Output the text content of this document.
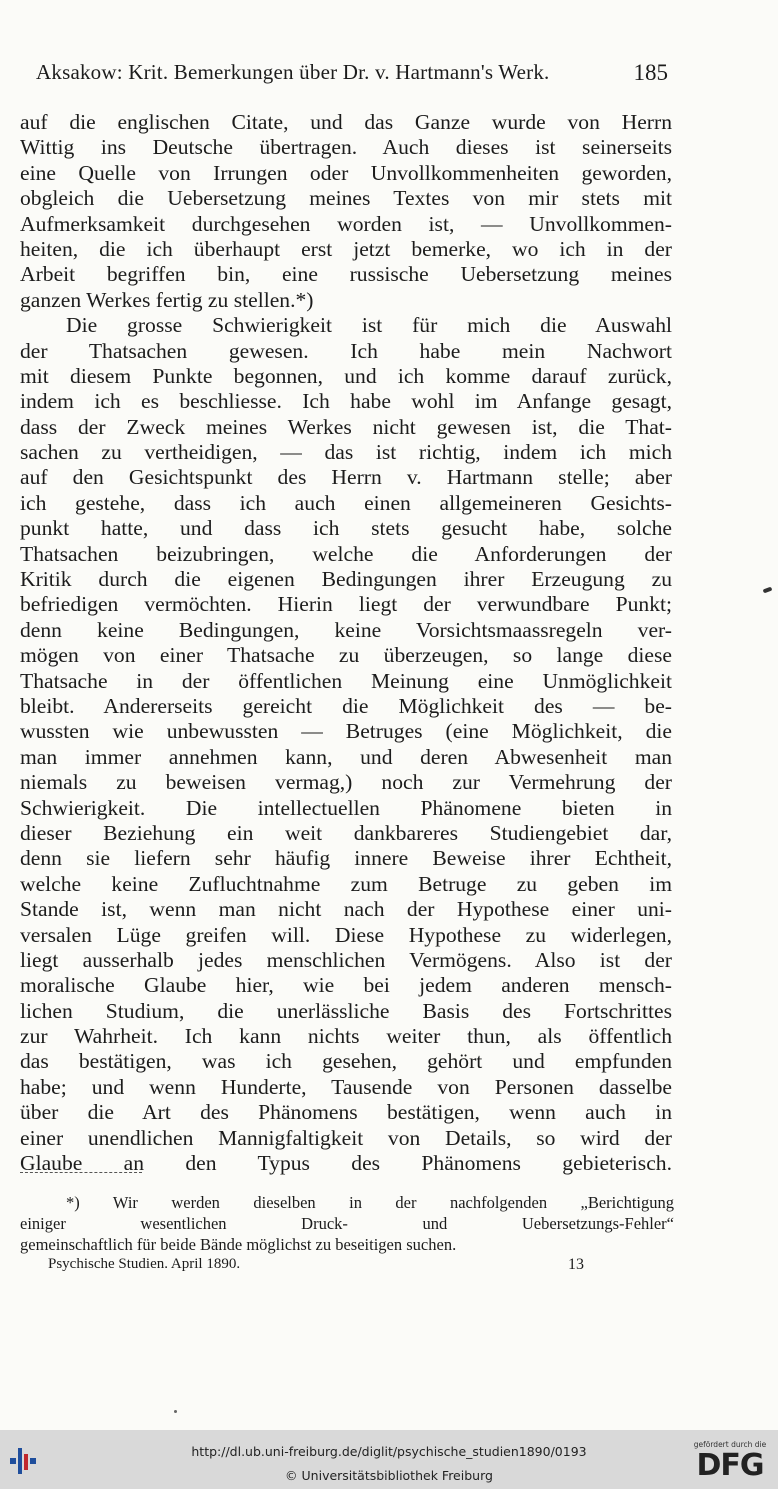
Aksakow: Krit. Bemerkungen über Dr. v. Hartmann's Werk.	185
auf die englischen Citate, und das Ganze wurde von Herrn
Wittig ins Deutsche übertragen. Auch dieses ist seinerseits
eine Quelle von Irrungen oder Unvollkommenheiten geworden,
obgleich die Uebersetzung meines Textes von mir stets mit
Aufmerksamkeit durchgesehen worden ist, — Unvollkommen-
heiten, die ich überhaupt erst jetzt bemerke, wo ich in der
Arbeit begriffen bin, eine russische Uebersetzung meines
ganzen Werkes fertig zu stellen.*)
Die grosse Schwierigkeit ist für mich die Auswahl
der Thatsachen gewesen. Ich habe mein Nachwort
mit diesem Punkte begonnen, und ich komme darauf zurück,
indem ich es beschliesse. Ich habe wohl im Anfange gesagt,
dass der Zweck meines Werkes nicht gewesen ist, die That-
sachen zu vertheidigen, — das ist richtig, indem ich mich
auf den Gesichtspunkt des Herrn v. Hartmann stelle; aber
ich gestehe, dass ich auch einen allgemeineren Gesichts-
punkt hatte, und dass ich stets gesucht habe, solche
Thatsachen beizubringen, welche die Anforderungen der
Kritik durch die eigenen Bedingungen ihrer Erzeugung zu
befriedigen vermöchten. Hierin liegt der verwundbare Punkt;
denn keine Bedingungen, keine Vorsichtsmaassregeln ver-
mögen von einer Thatsache zu überzeugen, so lange diese
Thatsache in der öffentlichen Meinung eine Unmöglichkeit
bleibt. Andererseits gereicht die Möglichkeit des — be-
wussten wie unbewussten — Betruges (eine Möglichkeit, die
man immer annehmen kann, und deren Abwesenheit man
niemals zu beweisen vermag,) noch zur Vermehrung der
Schwierigkeit. Die intellectuellen Phänomene bieten in
dieser Beziehung ein weit dankbareres Studiengebiet dar,
denn sie liefern sehr häufig innere Beweise ihrer Echtheit,
welche keine Zufluchtnahme zum Betruge zu geben im
Stande ist, wenn man nicht nach der Hypothese einer uni-
versalen Lüge greifen will. Diese Hypothese zu widerlegen,
liegt ausserhalb jedes menschlichen Vermögens. Also ist der
moralische Glaube hier, wie bei jedem anderen mensch-
lichen Studium, die unerlässliche Basis des Fortschrittes
zur Wahrheit. Ich kann nichts weiter thun, als öffentlich
das bestätigen, was ich gesehen, gehört und empfunden
habe; und wenn Hunderte, Tausende von Personen dasselbe
über die Art des Phänomens bestätigen, wenn auch in
einer unendlichen Mannigfaltigkeit von Details, so wird der
Glaube an den Typus des Phänomens gebieterisch.
*) Wir werden dieselben in der nachfolgenden „Berichtigung
einiger wesentlichen Druck- und Uebersetzungs-Fehler“
gemeinschaftlich für beide Bände möglichst zu beseitigen suchen.
Psychische Studien. April 1890.	13
http://dl.ub.uni-freiburg.de/diglit/psychische_studien1890/0193
© Universitätsbibliothek Freiburg
gefördert durch die
DFG
